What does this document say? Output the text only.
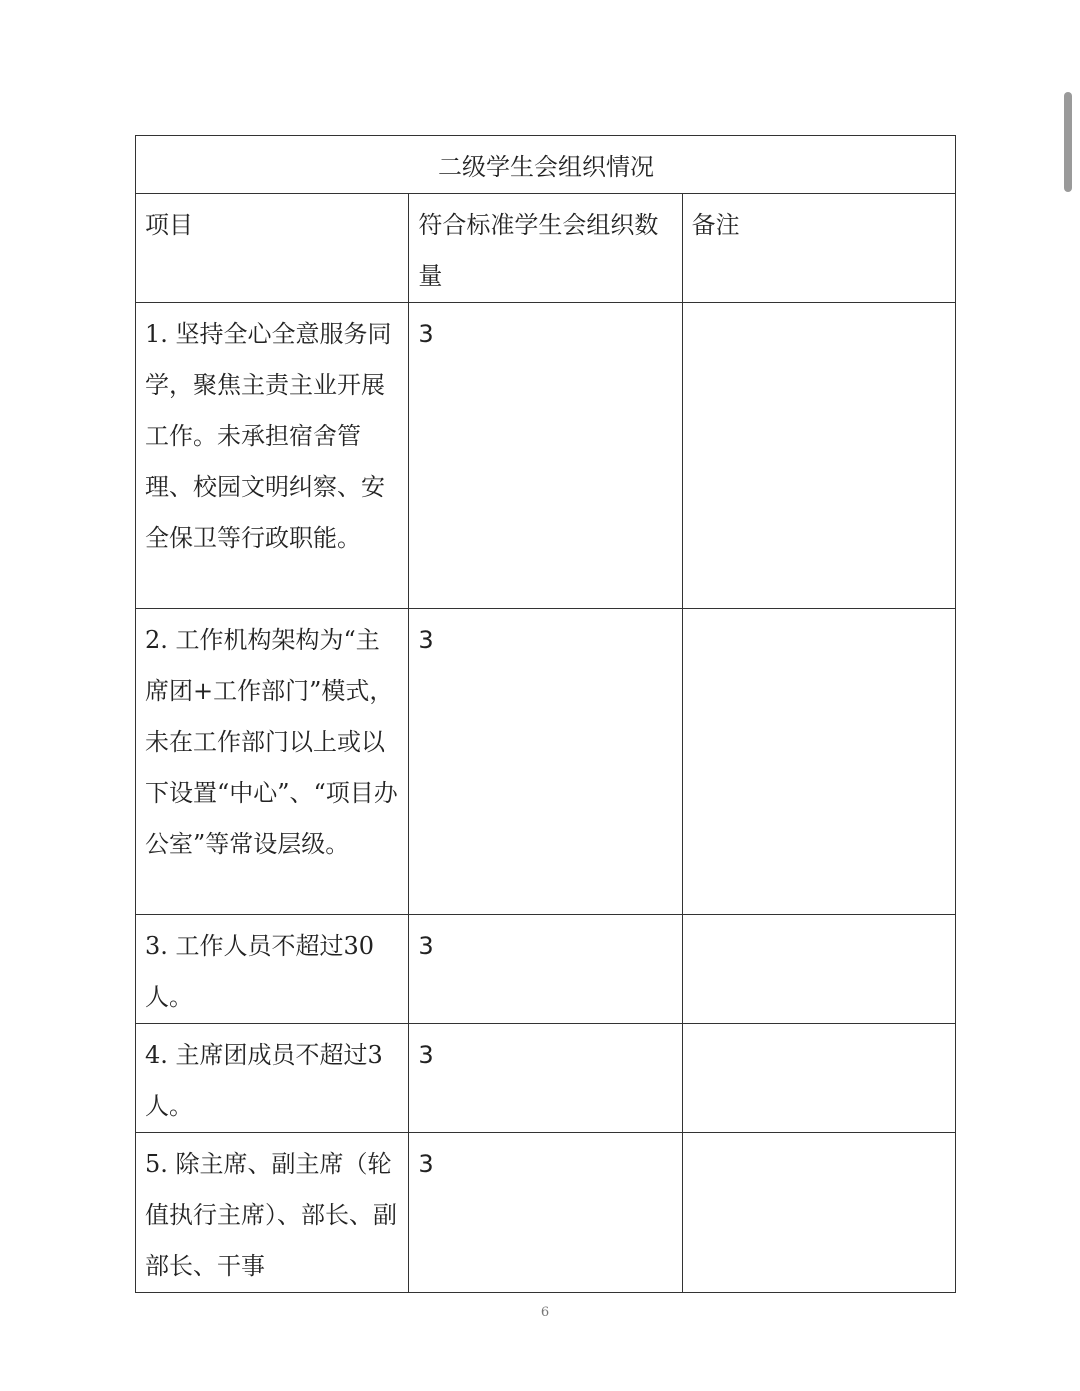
二级学生会组织情况		
项目	符合标准学生会组织数量	备注
1. 坚持全心全意服务同学，聚焦主责主业开展工作。未承担宿舍管理、校园文明纠察、安全保卫等行政职能。	3	
2. 工作机构架构为“主席团+工作部门”模式，未在工作部门以上或以下设置“中心”、“项目办公室”等常设层级。	3	
3. 工作人员不超过30人。	3	
4. 主席团成员不超过3人。	3	
5. 除主席、副主席（轮值执行主席）、部长、副部长、干事	3	
6
